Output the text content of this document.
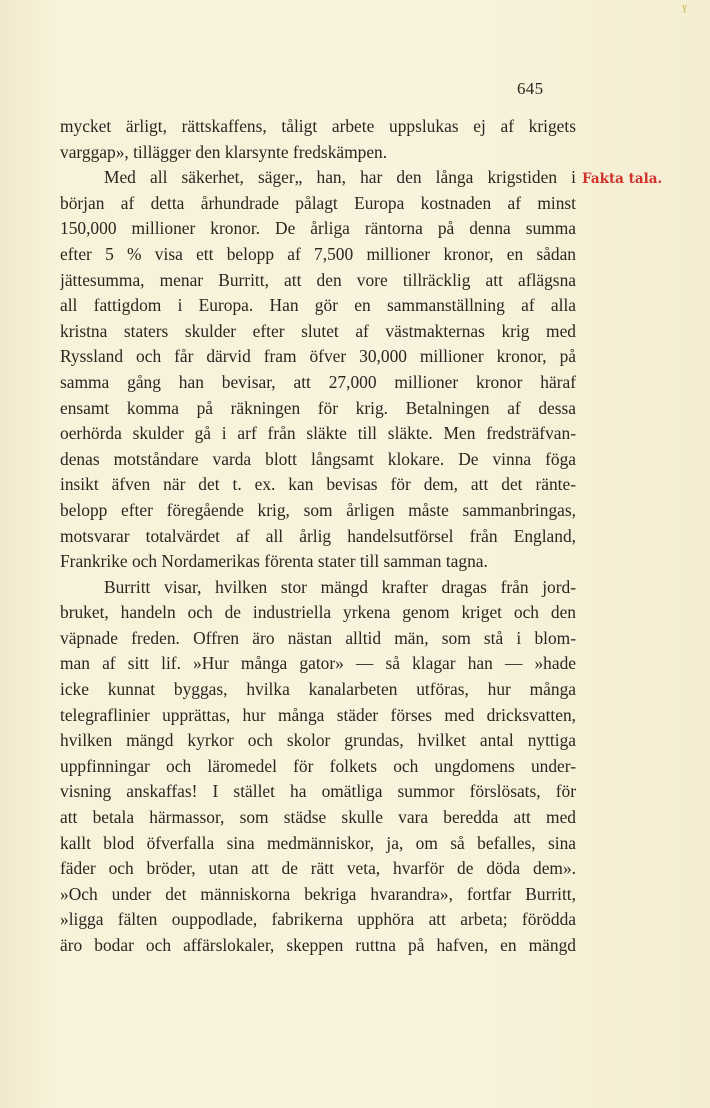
ɣ
645
Fakta tala.
mycket ärligt, rättskaffens, tåligt arbete uppslukas ej af krigets
varggap», tillägger den klarsynte fredskämpen.
Med all säkerhet, säger„ han, har den långa krigstiden i
början af detta århundrade pålagt Europa kostnaden af minst
150,000 millioner kronor. De årliga räntorna på denna summa
efter 5 % visa ett belopp af 7,500 millioner kronor, en sådan
jättesumma, menar Burritt, att den vore tillräcklig att aflägsna
all fattigdom i Europa. Han gör en sammanställning af alla
kristna staters skulder efter slutet af västmakternas krig med
Ryssland och får därvid fram öfver 30,000 millioner kronor, på
samma gång han bevisar, att 27,000 millioner kronor häraf
ensamt komma på räkningen för krig. Betalningen af dessa
oerhörda skulder gå i arf från släkte till släkte. Men fredsträfvan-
denas motståndare varda blott långsamt klokare. De vinna föga
insikt äfven när det t. ex. kan bevisas för dem, att det ränte-
belopp efter föregående krig, som årligen måste sammanbringas,
motsvarar totalvärdet af all årlig handelsutförsel från England,
Frankrike och Nordamerikas förenta stater till samman tagna.
Burritt visar, hvilken stor mängd krafter dragas från jord-
bruket, handeln och de industriella yrkena genom kriget och den
väpnade freden. Offren äro nästan alltid män, som stå i blom-
man af sitt lif. »Hur många gator» — så klagar han — »hade
icke kunnat byggas, hvilka kanalarbeten utföras, hur många
telegraflinier upprättas, hur många städer förses med dricksvatten,
hvilken mängd kyrkor och skolor grundas, hvilket antal nyttiga
uppfinningar och läromedel för folkets och ungdomens under-
visning anskaffas! I stället ha omätliga summor förslösats, för
att betala härmassor, som städse skulle vara beredda att med
kallt blod öfverfalla sina medmänniskor, ja, om så befalles, sina
fäder och bröder, utan att de rätt veta, hvarför de döda dem».
»Och under det människorna bekriga hvarandra», fortfar Burritt,
»ligga fälten ouppodlade, fabrikerna upphöra att arbeta; förödda
äro bodar och affärslokaler, skeppen ruttna på hafven, en mängd
